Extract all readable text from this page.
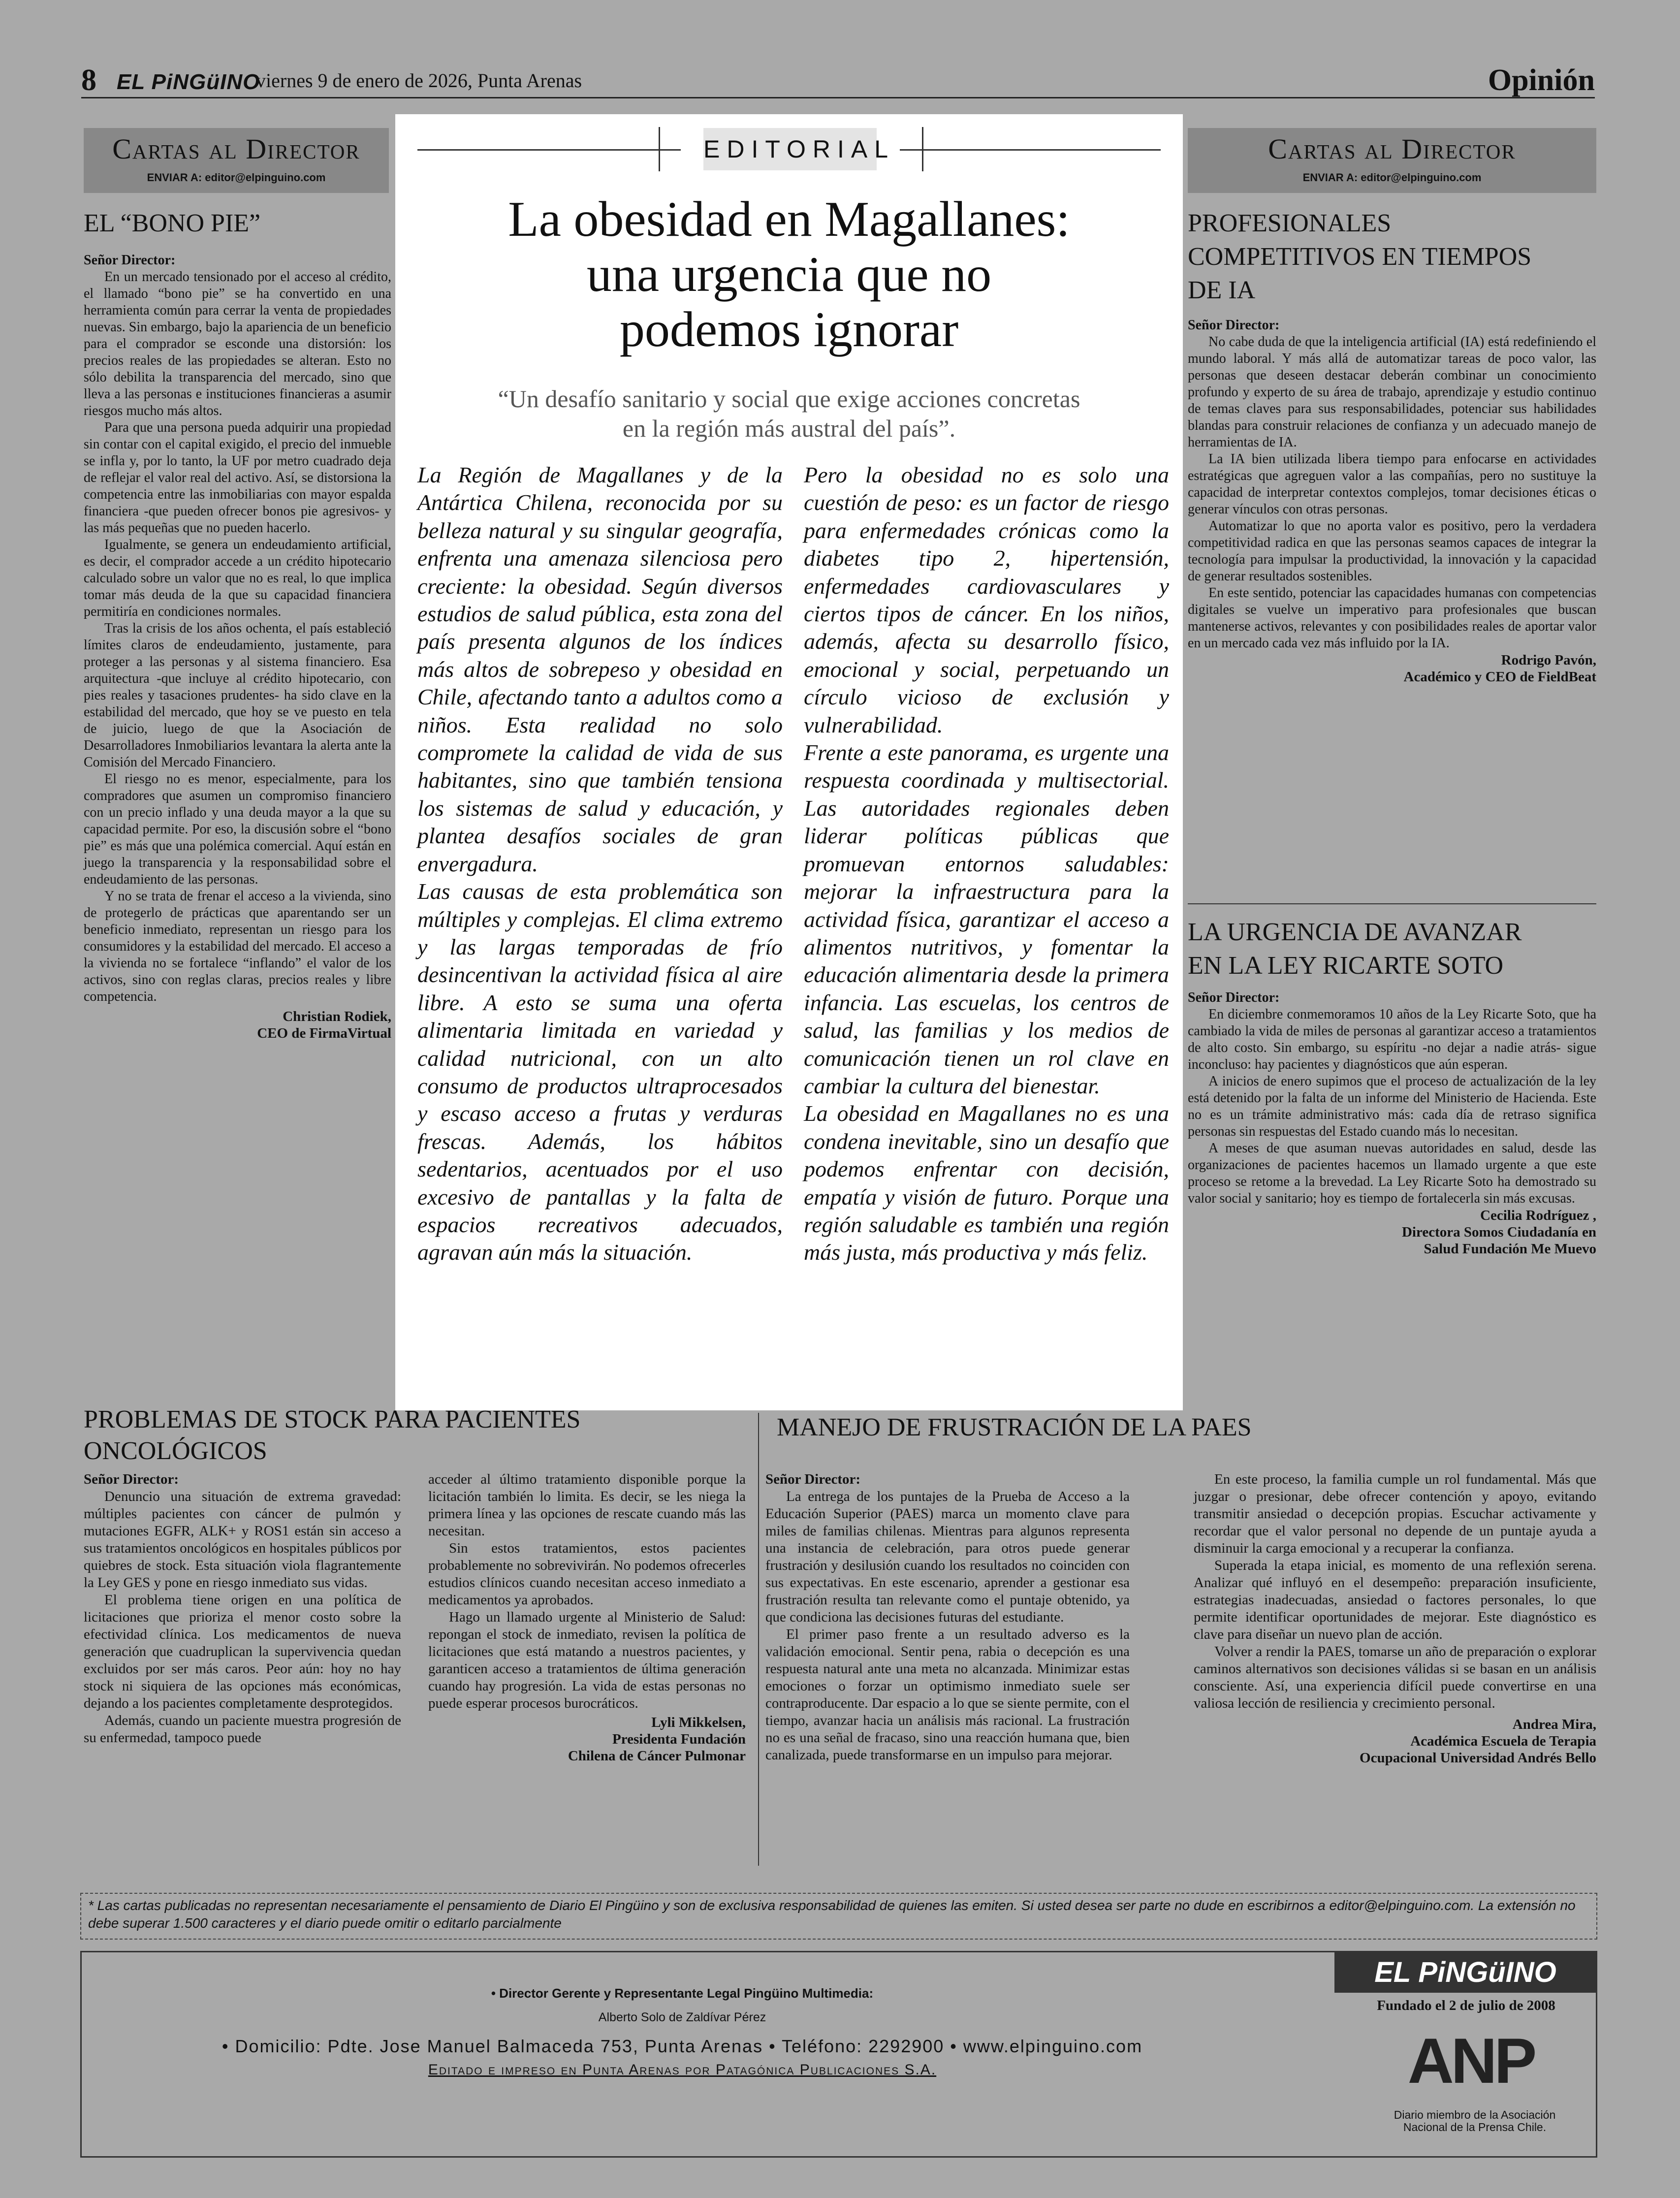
8 EL PiNGüINO
viernes 9 de enero de 2026, Punta Arenas	Opinión
Cartas al Director
ENVIAR A: editor@elpinguino.com
Cartas al Director
ENVIAR A: editor@elpinguino.com
EL “BONO PIE”

Señor Director:

En un mercado tensionado por el acceso al crédito, el llamado “bono pie” se ha convertido en una herramienta común para cerrar la venta de propiedades nuevas. Sin embargo, bajo la apariencia de un beneficio para el comprador se esconde una distorsión: los precios reales de las propiedades se alteran. Esto no sólo debilita la transparencia del mercado, sino que lleva a las personas e instituciones financieras a asumir riesgos mucho más altos.

Para que una persona pueda adquirir una propiedad sin contar con el capital exigido, el precio del inmueble se infla y, por lo tanto, la UF por metro cuadrado deja de reflejar el valor real del activo. Así, se distorsiona la competencia entre las inmobiliarias con mayor espalda financiera -que pueden ofrecer bonos pie agresivos- y las más pequeñas que no pueden hacerlo.

Igualmente, se genera un endeudamiento artificial, es decir, el comprador accede a un crédito hipotecario calculado sobre un valor que no es real, lo que implica tomar más deuda de la que su capacidad financiera permitiría en condiciones normales.

Tras la crisis de los años ochenta, el país estableció límites claros de endeudamiento, justamente, para proteger a las personas y al sistema financiero. Esa arquitectura -que incluye al crédito hipotecario, con pies reales y tasaciones prudentes- ha sido clave en la estabilidad del mercado, que hoy se ve puesto en tela de juicio, luego de que la Asociación de Desarrolladores Inmobiliarios levantara la alerta ante la Comisión del Mercado Financiero.

El riesgo no es menor, especialmente, para los compradores que asumen un compromiso financiero con un precio inflado y una deuda mayor a la que su capacidad permite. Por eso, la discusión sobre el “bono pie” es más que una polémica comercial. Aquí están en juego la transparencia y la responsabilidad sobre el endeudamiento de las personas.

Y no se trata de frenar el acceso a la vivienda, sino de protegerlo de prácticas que aparentando ser un beneficio inmediato, representan un riesgo para los consumidores y la estabilidad del mercado. El acceso a la vivienda no se fortalece “inflando” el valor de los activos, sino con reglas claras, precios reales y libre competencia.

Christian Rodiek,
CEO de FirmaVirtual
EDITORIAL
La obesidad en Magallanes:
una urgencia que no
podemos ignorar
“Un desafío sanitario y social que exige acciones concretas
en la región más austral del país”.

La Región de Magallanes y de la Antártica Chilena, reconocida por su belleza natural y su singular geografía, enfrenta una amenaza silenciosa pero creciente: la obesidad. Según diversos estudios de salud pública, esta zona del país presenta algunos de los índices más altos de sobrepeso y obesidad en Chile, afectando tanto a adultos como a niños. Esta realidad no solo compromete la calidad de vida de sus habitantes, sino que también tensiona los sistemas de salud y educación, y plantea desafíos sociales de gran envergadura.

Las causas de esta problemática son múltiples y complejas. El clima extremo y las largas temporadas de frío desincentivan la actividad física al aire libre. A esto se suma una oferta alimentaria limitada en variedad y calidad nutricional, con un alto consumo de productos ultraprocesados y escaso acceso a frutas y verduras frescas. Además, los hábitos sedentarios, acentuados por el uso excesivo de pantallas y la falta de espacios recreativos adecuados, agravan aún más la situación.

Pero la obesidad no es solo una cuestión de peso: es un factor de riesgo para enfermedades crónicas como la diabetes tipo 2, hipertensión, enfermedades cardiovasculares y ciertos tipos de cáncer. En los niños, además, afecta su desarrollo físico, emocional y social, perpetuando un círculo vicioso de exclusión y vulnerabilidad.

Frente a este panorama, es urgente una respuesta coordinada y multisectorial. Las autoridades regionales deben liderar políticas públicas que promuevan entornos saludables: mejorar la infraestructura para la actividad física, garantizar el acceso a alimentos nutritivos, y fomentar la educación alimentaria desde la primera infancia. Las escuelas, los centros de salud, las familias y los medios de comunicación tienen un rol clave en cambiar la cultura del bienestar.

La obesidad en Magallanes no es una condena inevitable, sino un desafío que podemos enfrentar con decisión, empatía y visión de futuro. Porque una región saludable es también una región más justa, más productiva y más feliz.

PROFESIONALES
COMPETITIVOS EN TIEMPOS
DE IA

Señor Director:

No cabe duda de que la inteligencia artificial (IA) está redefiniendo el mundo laboral. Y más allá de automatizar tareas de poco valor, las personas que deseen destacar deberán combinar un conocimiento profundo y experto de su área de trabajo, aprendizaje y estudio continuo de temas claves para sus responsabilidades, potenciar sus habilidades blandas para construir relaciones de confianza y un adecuado manejo de herramientas de IA.

La IA bien utilizada libera tiempo para enfocarse en actividades estratégicas que agreguen valor a las compañías, pero no sustituye la capacidad de interpretar contextos complejos, tomar decisiones éticas o generar vínculos con otras personas.

Automatizar lo que no aporta valor es positivo, pero la verdadera competitividad radica en que las personas seamos capaces de integrar la tecnología para impulsar la productividad, la innovación y la capacidad de generar resultados sostenibles.

En este sentido, potenciar las capacidades humanas con competencias digitales se vuelve un imperativo para profesionales que buscan mantenerse activos, relevantes y con posibilidades reales de aportar valor en un mercado cada vez más influido por la IA.

Rodrigo Pavón,
Académico y CEO de FieldBeat
LA URGENCIA DE AVANZAR
EN LA LEY RICARTE SOTO

Señor Director:

En diciembre conmemoramos 10 años de la Ley Ricarte Soto, que ha cambiado la vida de miles de personas al garantizar acceso a tratamientos de alto costo. Sin embargo, su espíritu -no dejar a nadie atrás- sigue inconcluso: hay pacientes y diagnósticos que aún esperan.

A inicios de enero supimos que el proceso de actualización de la ley está detenido por la falta de un informe del Ministerio de Hacienda. Este no es un trámite administrativo más: cada día de retraso significa personas sin respuestas del Estado cuando más lo necesitan.

A meses de que asuman nuevas autoridades en salud, desde las organizaciones de pacientes hacemos un llamado urgente a que este proceso se retome a la brevedad. La Ley Ricarte Soto ha demostrado su valor social y sanitario; hoy es tiempo de fortalecerla sin más excusas.

Cecilia Rodríguez ,
Directora Somos Ciudadanía en
Salud Fundación Me Muevo
PROBLEMAS DE STOCK PARA PACIENTES
ONCOLÓGICOS

Señor Director:

Denuncio una situación de extrema gravedad: múltiples pacientes con cáncer de pulmón y mutaciones EGFR, ALK+ y ROS1 están sin acceso a sus tratamientos oncológicos en hospitales públicos por quiebres de stock. Esta situación viola flagrantemente la Ley GES y pone en riesgo inmediato sus vidas.

El problema tiene origen en una política de licitaciones que prioriza el menor costo sobre la efectividad clínica. Los medicamentos de nueva generación que cuadruplican la supervivencia quedan excluidos por ser más caros. Peor aún: hoy no hay stock ni siquiera de las opciones más económicas, dejando a los pacientes completamente desprotegidos.

Además, cuando un paciente muestra progresión de su enfermedad, tampoco puede

acceder al último tratamiento disponible porque la licitación también lo limita. Es decir, se les niega la primera línea y las opciones de rescate cuando más las necesitan.

Sin estos tratamientos, estos pacientes probablemente no sobrevivirán. No podemos ofrecerles estudios clínicos cuando necesitan acceso inmediato a medicamentos ya aprobados.

Hago un llamado urgente al Ministerio de Salud: repongan el stock de inmediato, revisen la política de licitaciones que está matando a nuestros pacientes, y garanticen acceso a tratamientos de última generación cuando hay progresión. La vida de estas personas no puede esperar procesos burocráticos.

Lyli Mikkelsen,
Presidenta Fundación
Chilena de Cáncer Pulmonar
MANEJO DE FRUSTRACIÓN DE LA PAES

Señor Director:

La entrega de los puntajes de la Prueba de Acceso a la Educación Superior (PAES) marca un momento clave para miles de familias chilenas. Mientras para algunos representa una instancia de celebración, para otros puede generar frustración y desilusión cuando los resultados no coinciden con sus expectativas. En este escenario, aprender a gestionar esa frustración resulta tan relevante como el puntaje obtenido, ya que condiciona las decisiones futuras del estudiante.

El primer paso frente a un resultado adverso es la validación emocional. Sentir pena, rabia o decepción es una respuesta natural ante una meta no alcanzada. Minimizar estas emociones o forzar un optimismo inmediato suele ser contraproducente. Dar espacio a lo que se siente permite, con el tiempo, avanzar hacia un análisis más racional. La frustración no es una señal de fracaso, sino una reacción humana que, bien canalizada, puede transformarse en un impulso para mejorar.

En este proceso, la familia cumple un rol fundamental. Más que juzgar o presionar, debe ofrecer contención y apoyo, evitando transmitir ansiedad o decepción propias. Escuchar activamente y recordar que el valor personal no depende de un puntaje ayuda a disminuir la carga emocional y a recuperar la confianza.

Superada la etapa inicial, es momento de una reflexión serena. Analizar qué influyó en el desempeño: preparación insuficiente, estrategias inadecuadas, ansiedad o factores personales, lo que permite identificar oportunidades de mejorar. Este diagnóstico es clave para diseñar un nuevo plan de acción.

Volver a rendir la PAES, tomarse un año de preparación o explorar caminos alternativos son decisiones válidas si se basan en un análisis consciente. Así, una experiencia difícil puede convertirse en una valiosa lección de resiliencia y crecimiento personal.

Andrea Mira,
Académica Escuela de Terapia
Ocupacional Universidad Andrés Bello
* Las cartas publicadas no representan necesariamente el pensamiento de Diario El Pingüino y son de exclusiva responsabilidad de quienes las emiten. Si usted desea ser parte no dude en escribirnos a editor@elpinguino.com. La extensión no debe superar 1.500 caracteres y el diario puede omitir o editarlo parcialmente
• Director Gerente y Representante Legal Pingüino Multimedia:
Alberto Solo de Zaldívar Pérez
• Domicilio: Pdte. Jose Manuel Balmaceda 753, Punta Arenas • Teléfono: 2292900 • www.elpinguino.com
Editado e impreso en Punta Arenas por Patagónica Publicaciones S.A.
EL PiNGüINO
Fundado el 2 de julio de 2008
ANP
Diario miembro de la Asociación
Nacional de la Prensa Chile.
